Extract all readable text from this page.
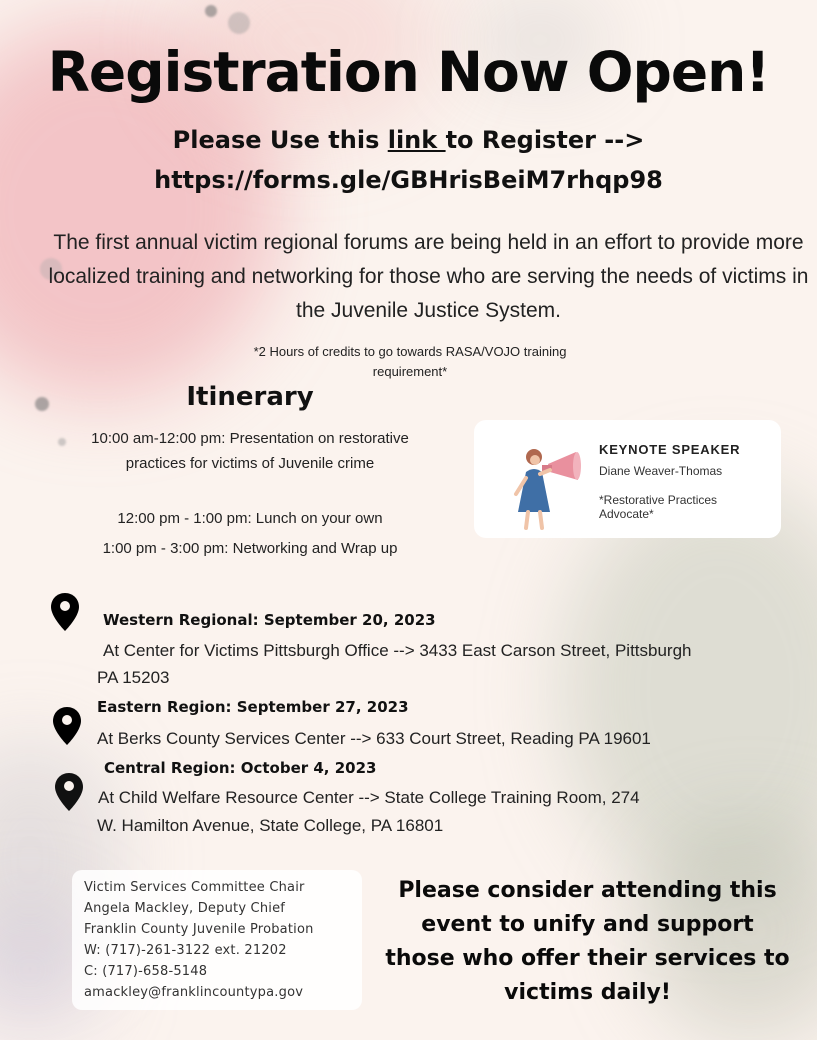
Registration Now Open!
Please Use this link to Register -->
https://forms.gle/GBHrisBeiM7rhqp98
The first annual victim regional forums are being held in an effort to provide more localized training and networking for those who are serving the needs of victims in the Juvenile Justice System.
*2 Hours of credits to go towards RASA/VOJO training
requirement*
Itinerary
10:00 am-12:00 pm: Presentation on restorative practices for victims of Juvenile crime
12:00 pm - 1:00 pm: Lunch on your own
1:00 pm - 3:00 pm: Networking and Wrap up
KEYNOTE SPEAKER
Diane Weaver-Thomas
*Restorative Practices Advocate*
Western Regional: September 20, 2023
At Center for Victims Pittsburgh Office --> 3433 East Carson Street, Pittsburgh
PA 15203
Eastern Region: September 27, 2023
At Berks County Services Center --> 633 Court Street, Reading PA 19601
Central Region: October 4, 2023
At Child Welfare Resource Center --> State College Training Room, 274
W. Hamilton Avenue, State College, PA 16801
Victim Services Committee Chair
Angela Mackley, Deputy Chief
Franklin County Juvenile Probation
W: (717)-261-3122 ext. 21202
C: (717)-658-5148
amackley@franklincountypa.gov
Please consider attending this event to unify and support those who offer their services to victims daily!
